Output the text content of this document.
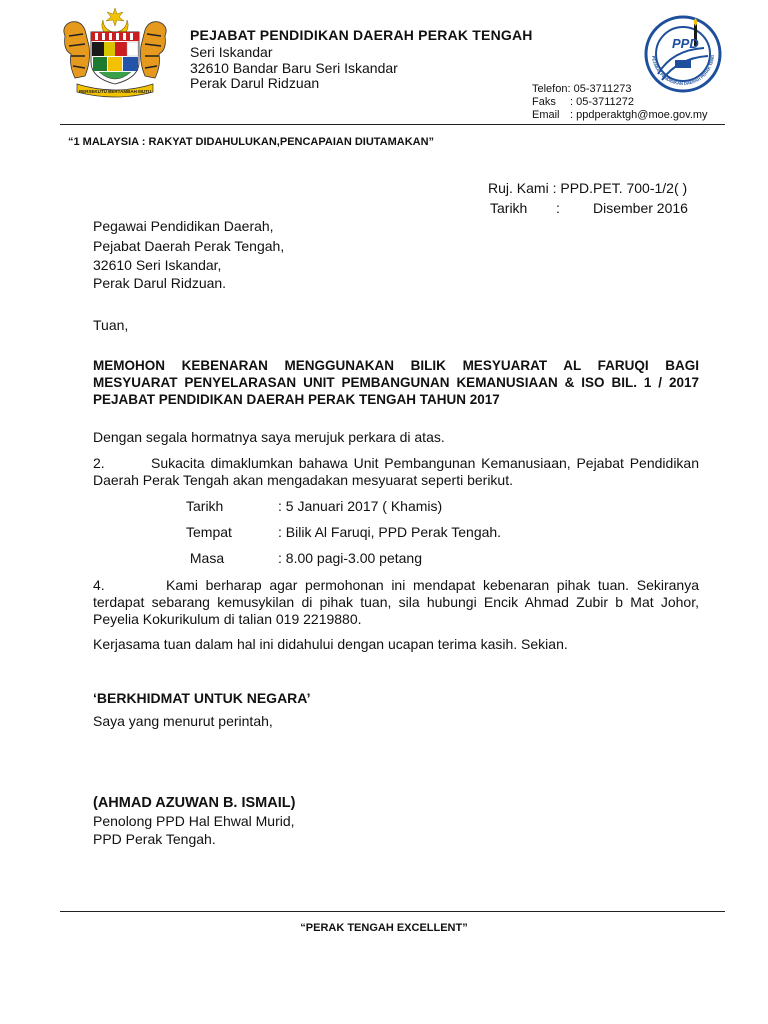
BERSEKUTU BERTAMBAH MUTU
PEJABAT PENDIDIKAN DAERAH PERAK TENGAH
Seri Iskandar
32610 Bandar Baru Seri Iskandar
Perak Darul Ridzuan
PPD
PEJABAT PENDIDIKAN DAERAH PERAK TENG
Telefon: 05-3711273
Faks : 05-3711272
Email : ppdperaktgh@moe.gov.my
“1 MALAYSIA : RAKYAT DIDAHULUKAN,PENCAPAIAN DIUTAMAKAN”
Ruj. Kami : PPD.PET. 700-1/2( )
Tarikh : Disember 2016
Pegawai Pendidikan Daerah,
Pejabat Daerah Perak Tengah,
32610 Seri Iskandar,
Perak Darul Ridzuan.
Tuan,
MEMOHON KEBENARAN MENGGUNAKAN BILIK MESYUARAT AL FARUQI BAGI
MESYUARAT PENYELARASAN UNIT PEMBANGUNAN KEMANUSIAAN & ISO BIL. 1 / 2017
PEJABAT PENDIDIKAN DAERAH PERAK TENGAH TAHUN 2017
Dengan segala hormatnya saya merujuk perkara di atas.
2.        Sukacita dimaklumkan bahawa Unit Pembangunan Kemanusiaan, Pejabat Pendidikan
Daerah Perak Tengah akan mengadakan mesyuarat seperti berikut.
Tarikh	: 5 Januari 2017 ( Khamis)
Tempat	: Bilik Al Faruqi, PPD Perak Tengah.
Masa	: 8.00 pagi-3.00 petang
4.        Kami berharap agar permohonan ini mendapat kebenaran pihak tuan. Sekiranya
terdapat sebarang kemusykilan di pihak tuan, sila hubungi Encik Ahmad Zubir b Mat Johor,
Peyelia Kokurikulum di talian 019 2219880.
Kerjasama tuan dalam hal ini didahului dengan ucapan terima kasih. Sekian.
‘BERKHIDMAT UNTUK NEGARA’
Saya yang menurut perintah,
(AHMAD AZUWAN B. ISMAIL)
Penolong PPD Hal Ehwal Murid,
PPD Perak Tengah.
“PERAK TENGAH EXCELLENT”
